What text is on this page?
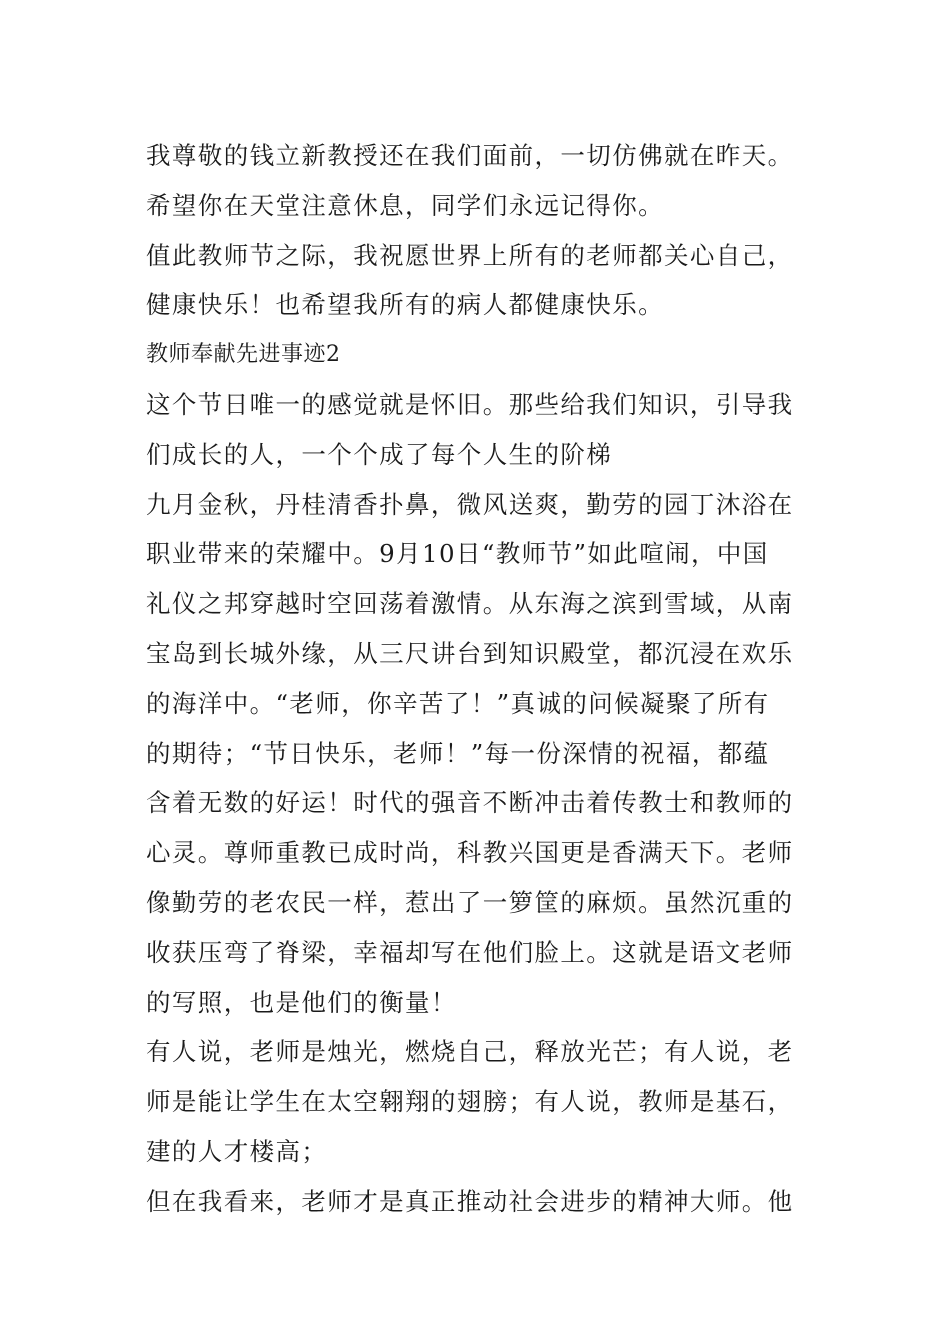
我尊敬的钱立新教授还在我们面前，一切仿佛就在昨天。
希望你在天堂注意休息，同学们永远记得你。
值此教师节之际，我祝愿世界上所有的老师都关心自己，
健康快乐！也希望我所有的病人都健康快乐。
教师奉献先进事迹2
这个节日唯一的感觉就是怀旧。那些给我们知识，引导我
们成长的人，一个个成了每个人生的阶梯
九月金秋，丹桂清香扑鼻，微风送爽，勤劳的园丁沐浴在
职业带来的荣耀中。9月10日“教师节”如此喧闹，中国
礼仪之邦穿越时空回荡着激情。从东海之滨到雪域，从南
宝岛到长城外缘，从三尺讲台到知识殿堂，都沉浸在欢乐
的海洋中。“老师，你辛苦了！”真诚的问候凝聚了所有
的期待；“节日快乐，老师！”每一份深情的祝福，都蕴
含着无数的好运！时代的强音不断冲击着传教士和教师的
心灵。尊师重教已成时尚，科教兴国更是香满天下。老师
像勤劳的老农民一样，惹出了一箩筐的麻烦。虽然沉重的
收获压弯了脊梁，幸福却写在他们脸上。这就是语文老师
的写照，也是他们的衡量！
有人说，老师是烛光，燃烧自己，释放光芒；有人说，老
师是能让学生在太空翱翔的翅膀；有人说，教师是基石，
建的人才楼高；
但在我看来，老师才是真正推动社会进步的精神大师。他
